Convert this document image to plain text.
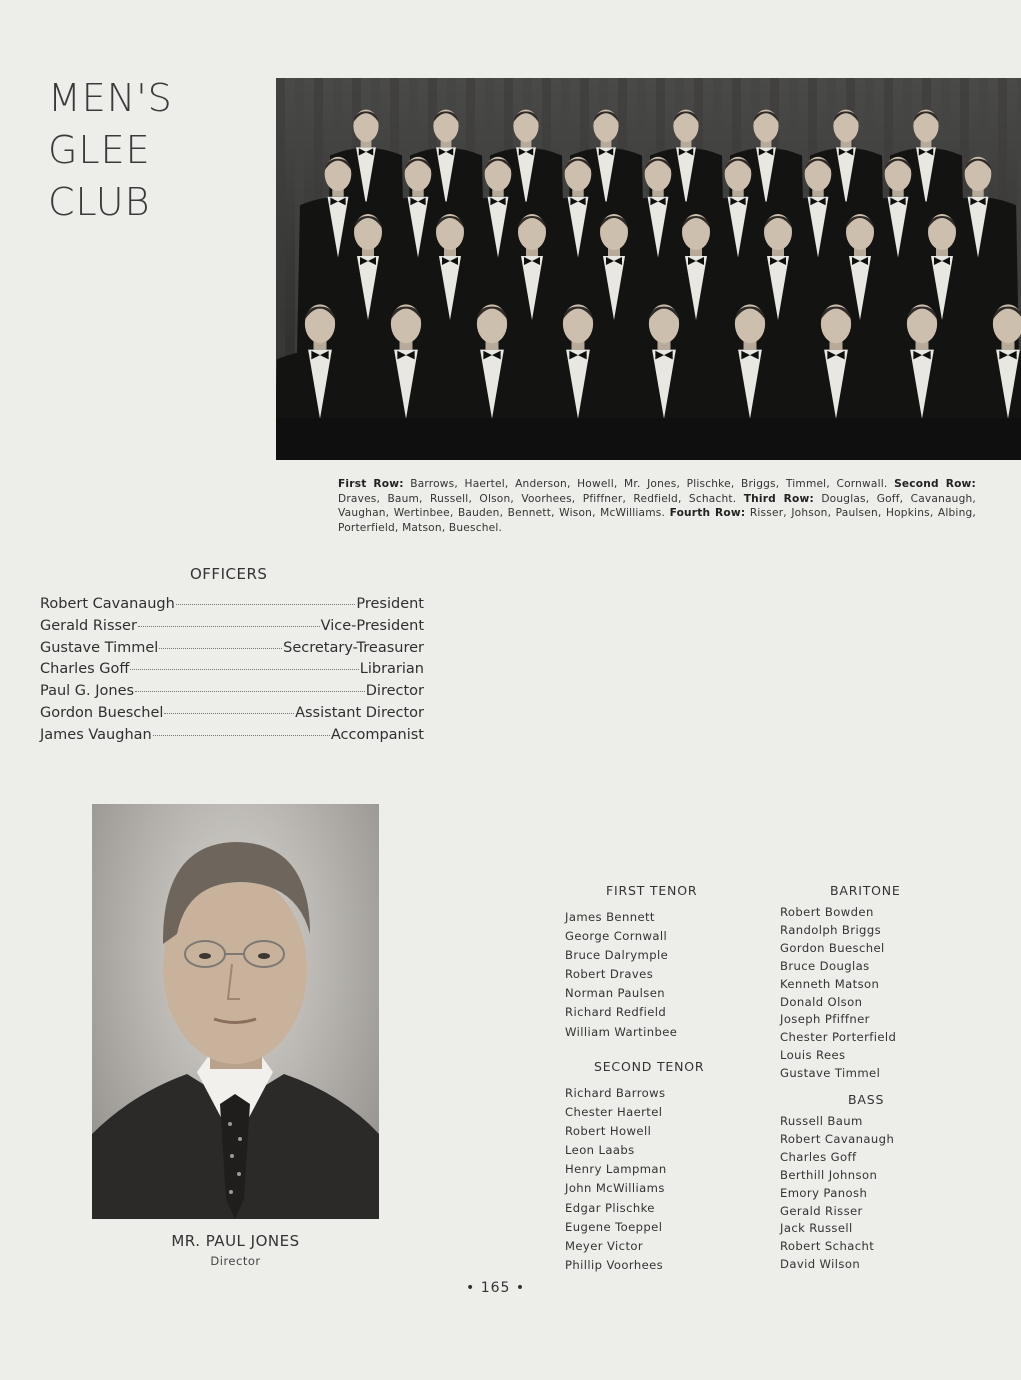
MEN'S
GLEE
CLUB
First Row: Barrows, Haertel, Anderson, Howell, Mr. Jones, Plischke, Briggs, Timmel, Cornwall. Second Row: Draves, Baum, Russell, Olson, Voorhees, Pfiffner, Redfield, Schacht. Third Row: Douglas, Goff, Cavanaugh, Vaughan, Wertinbee, Bauden, Bennett, Wison, McWilliams. Fourth Row: Risser, Johson, Paulsen, Hopkins, Albing, Porterfield, Matson, Bueschel.
OFFICERS
Robert Cavanaugh	President
Gerald Risser	Vice-President
Gustave Timmel	Secretary-Treasurer
Charles Goff	Librarian
Paul G. Jones	Director
Gordon Bueschel	Assistant Director
James Vaughan	Accompanist
MR. PAUL JONES
Director
FIRST TENOR
James Bennett
George Cornwall
Bruce Dalrymple
Robert Draves
Norman Paulsen
Richard Redfield
William Wartinbee
SECOND TENOR
Richard Barrows
Chester Haertel
Robert Howell
Leon Laabs
Henry Lampman
John McWilliams
Edgar Plischke
Eugene Toeppel
Meyer Victor
Phillip Voorhees
BARITONE
Robert Bowden
Randolph Briggs
Gordon Bueschel
Bruce Douglas
Kenneth Matson
Donald Olson
Joseph Pfiffner
Chester Porterfield
Louis Rees
Gustave Timmel
BASS
Russell Baum
Robert Cavanaugh
Charles Goff
Berthill Johnson
Emory Panosh
Gerald Risser
Jack Russell
Robert Schacht
David Wilson
• 165 •
